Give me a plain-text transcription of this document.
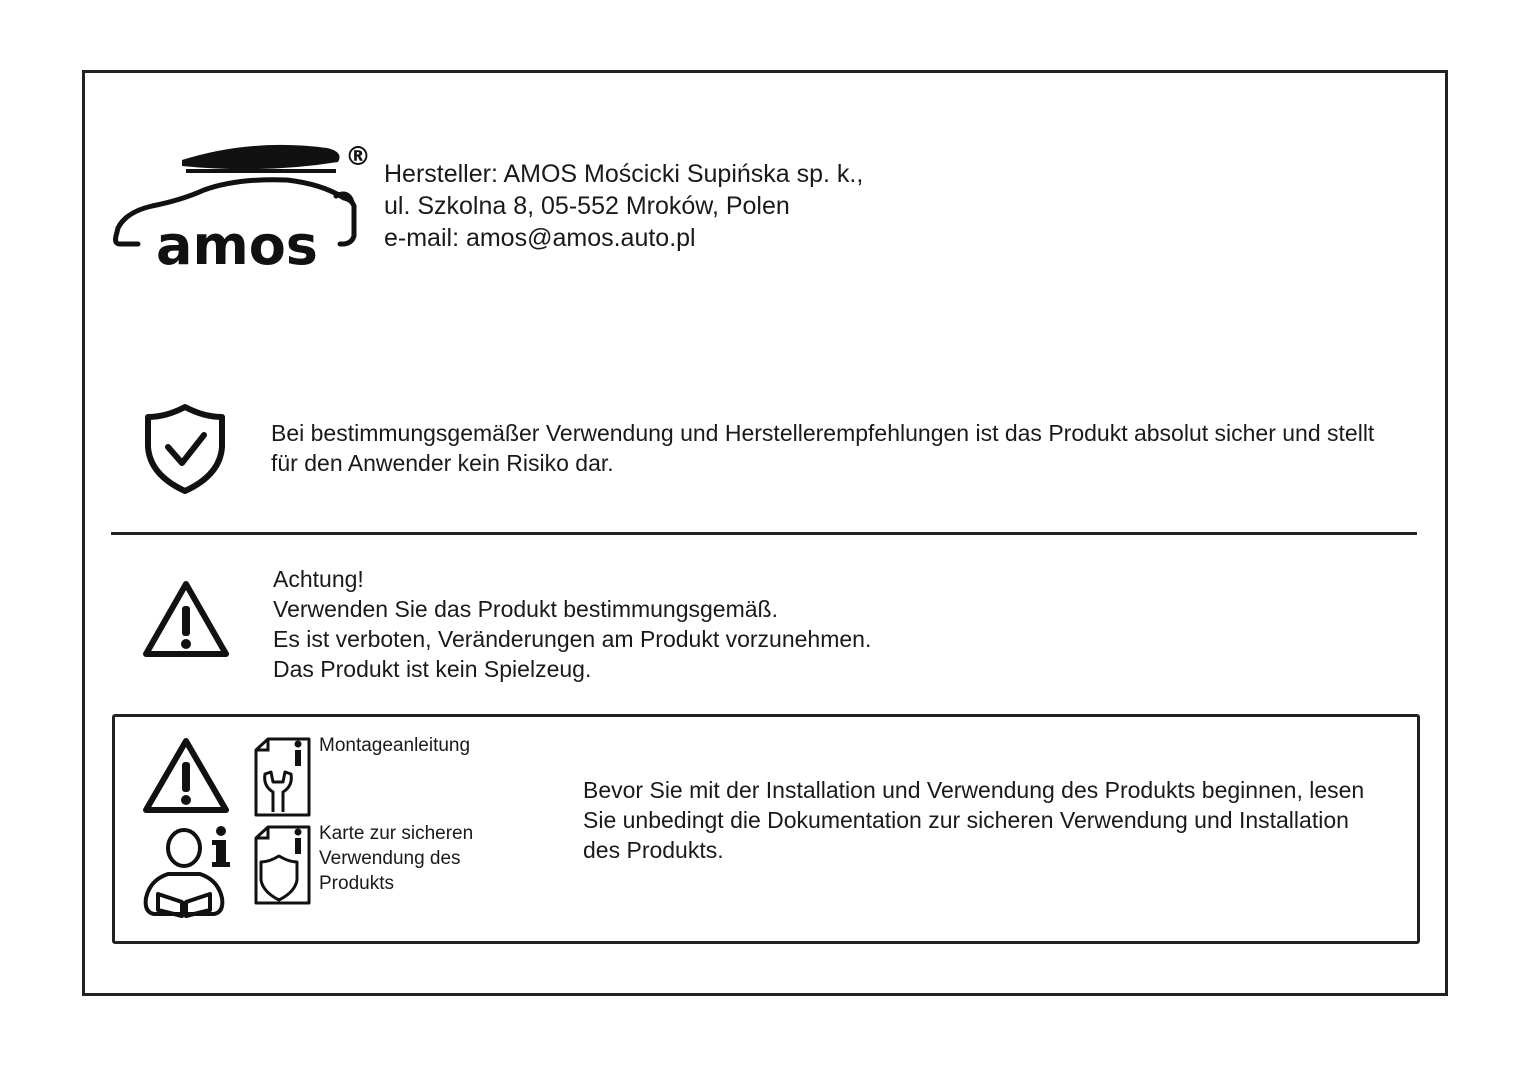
®
amos
Hersteller: AMOS Mościcki Supińska sp. k.,
ul. Szkolna 8, 05-552 Mroków, Polen
e-mail: amos@amos.auto.pl
Bei bestimmungsgemäßer Verwendung und Herstellerempfehlungen ist das Produkt absolut sicher und stellt für den Anwender kein Risiko dar.
Achtung!
Verwenden Sie das Produkt bestimmungsgemäß.
Es ist verboten, Veränderungen am Produkt vorzunehmen.
Das Produkt ist kein Spielzeug.
Montageanleitung
Karte zur sicheren Verwendung des Produkts
Bevor Sie mit der Installation und Verwendung des Produkts beginnen, lesen Sie unbedingt die Dokumentation zur sicheren Verwendung und Installation des Produkts.
